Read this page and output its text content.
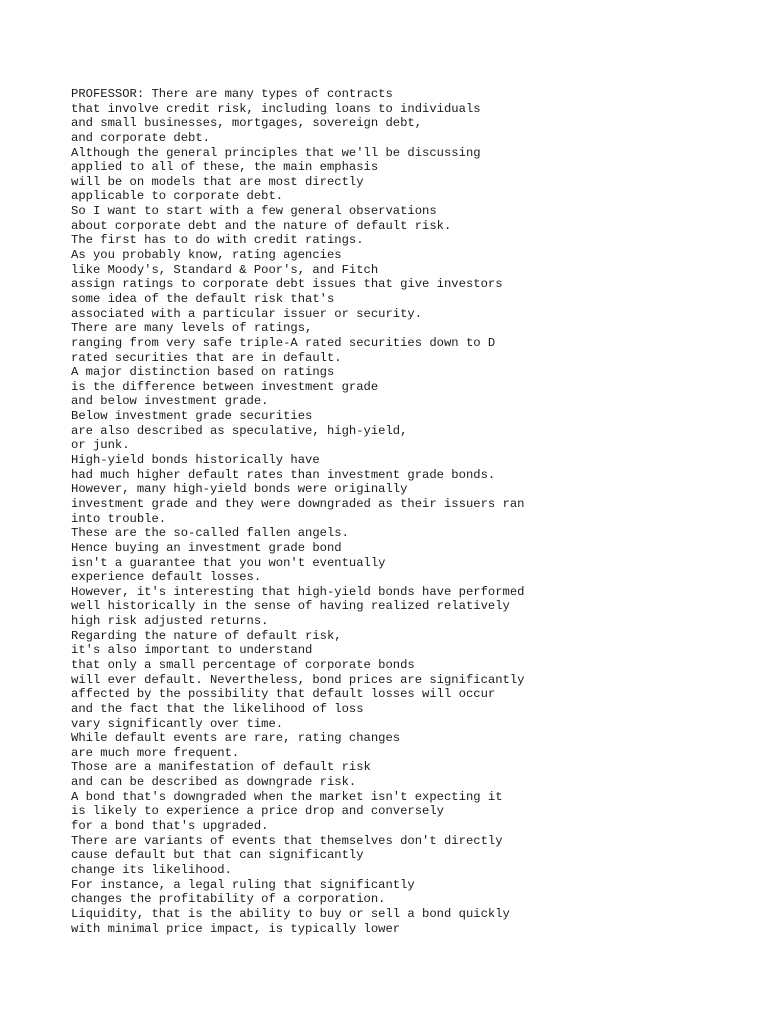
PROFESSOR: There are many types of contracts
that involve credit risk, including loans to individuals
and small businesses, mortgages, sovereign debt,
and corporate debt.
Although the general principles that we'll be discussing
applied to all of these, the main emphasis
will be on models that are most directly
applicable to corporate debt.
So I want to start with a few general observations
about corporate debt and the nature of default risk.
The first has to do with credit ratings.
As you probably know, rating agencies
like Moody's, Standard & Poor's, and Fitch
assign ratings to corporate debt issues that give investors
some idea of the default risk that's
associated with a particular issuer or security.
There are many levels of ratings,
ranging from very safe triple-A rated securities down to D
rated securities that are in default.
A major distinction based on ratings
is the difference between investment grade
and below investment grade.
Below investment grade securities
are also described as speculative, high-yield,
or junk.
High-yield bonds historically have
had much higher default rates than investment grade bonds.
However, many high-yield bonds were originally
investment grade and they were downgraded as their issuers ran
into trouble.
These are the so-called fallen angels.
Hence buying an investment grade bond
isn't a guarantee that you won't eventually
experience default losses.
However, it's interesting that high-yield bonds have performed
well historically in the sense of having realized relatively
high risk adjusted returns.
Regarding the nature of default risk,
it's also important to understand
that only a small percentage of corporate bonds
will ever default. Nevertheless, bond prices are significantly
affected by the possibility that default losses will occur
and the fact that the likelihood of loss
vary significantly over time.
While default events are rare, rating changes
are much more frequent.
Those are a manifestation of default risk
and can be described as downgrade risk.
A bond that's downgraded when the market isn't expecting it
is likely to experience a price drop and conversely
for a bond that's upgraded.
There are variants of events that themselves don't directly
cause default but that can significantly
change its likelihood.
For instance, a legal ruling that significantly
changes the profitability of a corporation.
Liquidity, that is the ability to buy or sell a bond quickly
with minimal price impact, is typically lower
